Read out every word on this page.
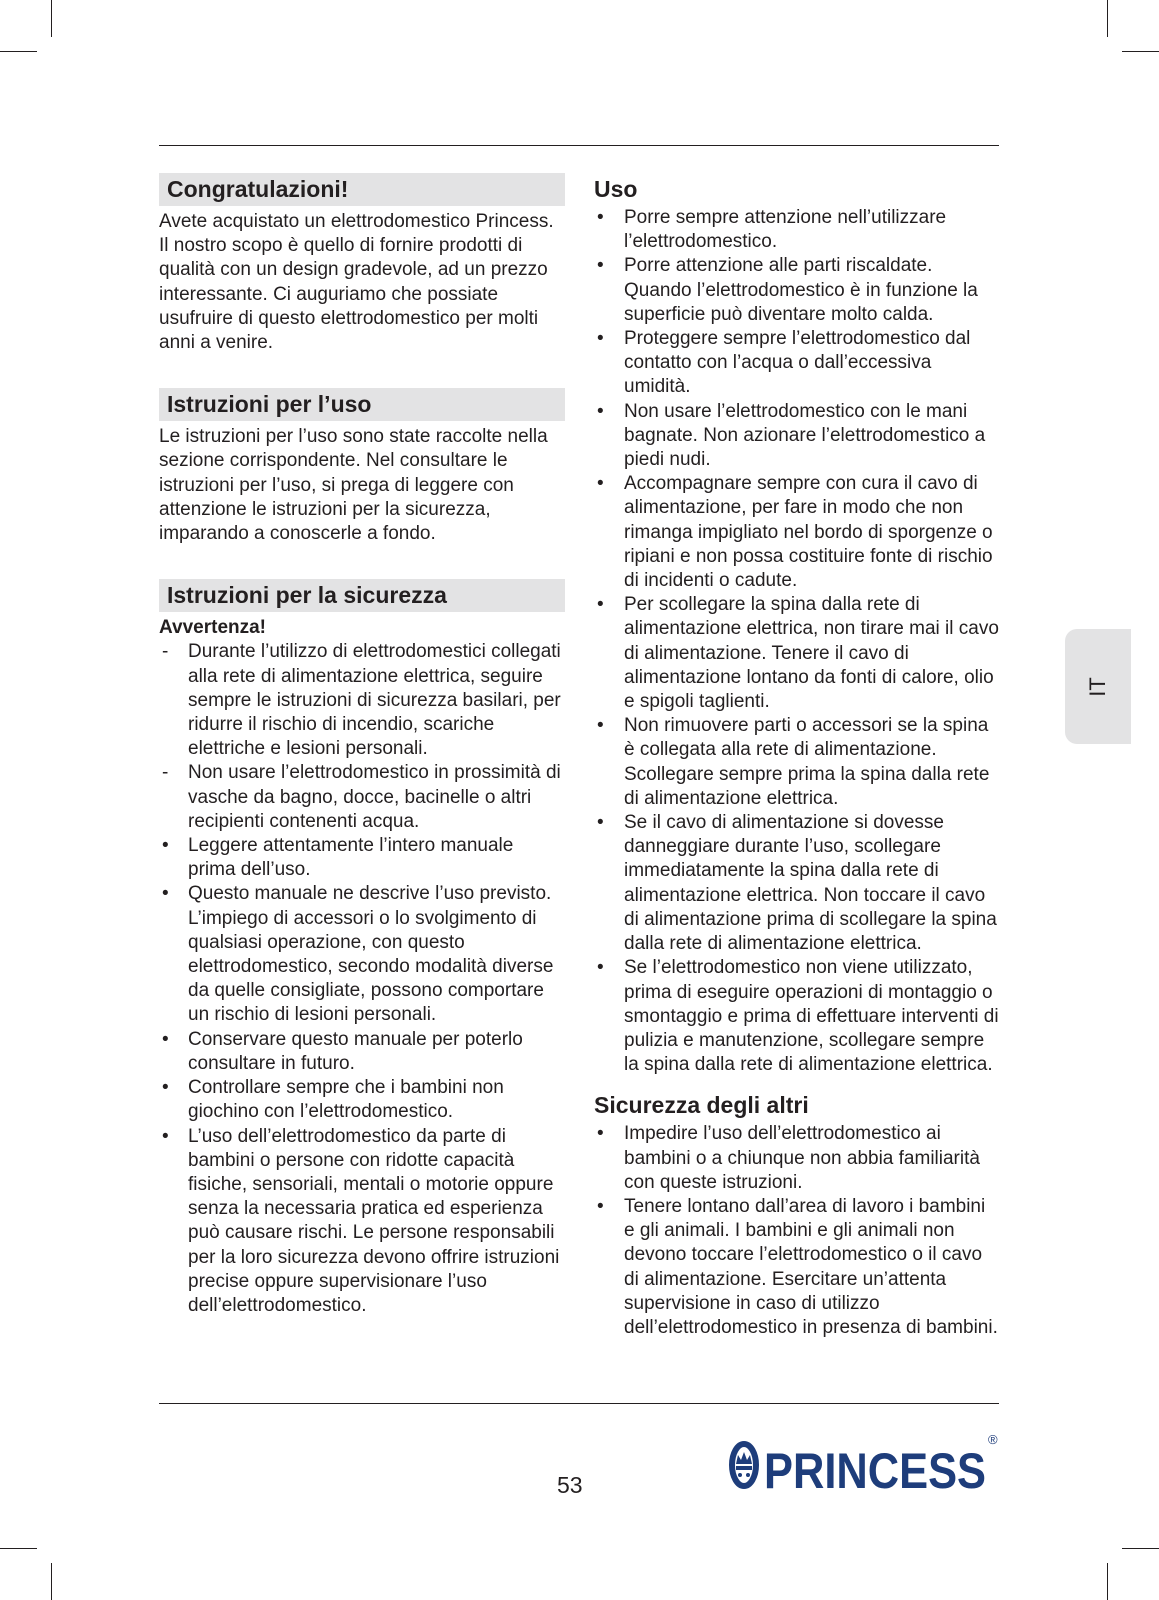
Congratulazioni!

Avete acquistato un elettrodomestico Princess. Il nostro scopo è quello di fornire prodotti di qualità con un design gradevole, ad un prezzo interessante. Ci auguriamo che possiate usufruire di questo elettrodomestico per molti anni a venire.

Istruzioni per l’uso

Le istruzioni per l’uso sono state raccolte nella sezione corrispondente. Nel consultare le istruzioni per l’uso, si prega di leggere con attenzione le istruzioni per la sicurezza, imparando a conoscerle a fondo.

Istruzioni per la sicurezza
Avvertenza!
- Durante l’utilizzo di elettrodomestici collegati alla rete di alimentazione elettrica, seguire sempre le istruzioni di sicurezza basilari, per ridurre il rischio di incendio, scariche elettriche e lesioni personali.
- Non usare l’elettrodomestico in prossimità di vasche da bagno, docce, bacinelle o altri recipienti contenenti acqua.
• Leggere attentamente l’intero manuale prima dell’uso.
• Questo manuale ne descrive l’uso previsto. L’impiego di accessori o lo svolgimento di qualsiasi operazione, con questo elettrodomestico, secondo modalità diverse da quelle consigliate, possono comportare un rischio di lesioni personali.
• Conservare questo manuale per poterlo consultare in futuro.
• Controllare sempre che i bambini non giochino con l’elettrodomestico.
• L’uso dell’elettrodomestico da parte di bambini o persone con ridotte capacità fisiche, sensoriali, mentali o motorie oppure senza la necessaria pratica ed esperienza può causare rischi. Le persone responsabili per la loro sicurezza devono offrire istruzioni precise oppure supervisionare l’uso dell’elettrodomestico.
Uso
• Porre sempre attenzione nell’utilizzare l’elettrodomestico.
• Porre attenzione alle parti riscaldate. Quando l’elettrodomestico è in funzione la superficie può diventare molto calda.
• Proteggere sempre l’elettrodomestico dal contatto con l’acqua o dall’eccessiva umidità.
• Non usare l’elettrodomestico con le mani bagnate. Non azionare l’elettrodomestico a piedi nudi.
• Accompagnare sempre con cura il cavo di alimentazione, per fare in modo che non rimanga impigliato nel bordo di sporgenze o ripiani e non possa costituire fonte di rischio di incidenti o cadute.
• Per scollegare la spina dalla rete di alimentazione elettrica, non tirare mai il cavo di alimentazione. Tenere il cavo di alimentazione lontano da fonti di calore, olio e spigoli taglienti.
• Non rimuovere parti o accessori se la spina è collegata alla rete di alimentazione. Scollegare sempre prima la spina dalla rete di alimentazione elettrica.
• Se il cavo di alimentazione si dovesse danneggiare durante l’uso, scollegare immediatamente la spina dalla rete di alimentazione elettrica. Non toccare il cavo di alimentazione prima di scollegare la spina dalla rete di alimentazione elettrica.
• Se l’elettrodomestico non viene utilizzato, prima di eseguire operazioni di montaggio o smontaggio e prima di effettuare interventi di pulizia e manutenzione, scollegare sempre la spina dalla rete di alimentazione elettrica.
Sicurezza degli altri
• Impedire l’uso dell’elettrodomestico ai bambini o a chiunque non abbia familiarità con queste istruzioni.
• Tenere lontano dall’area di lavoro i bambini e gli animali. I bambini e gli animali non devono toccare l’elettrodomestico o il cavo di alimentazione. Esercitare un’attenta supervisione in caso di utilizzo dell’elettrodomestico in presenza di bambini.
IT
53	PRINCESS
®
